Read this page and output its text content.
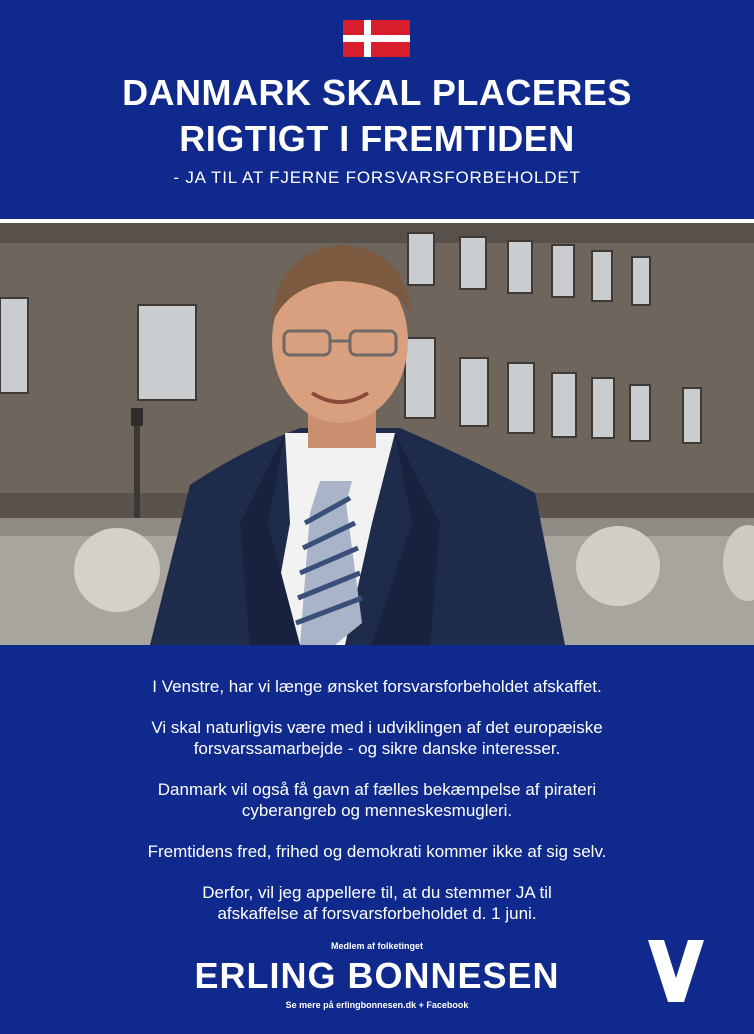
DANMARK SKAL PLACERES
RIGTIGT I FREMTIDEN
- JA TIL AT FJERNE FORSVARSFORBEHOLDET
I Venstre, har vi længe ønsket forsvarsforbeholdet afskaffet.
Vi skal naturligvis være med i udviklingen af det europæiske
forsvarssamarbejde - og sikre danske interesser.
Danmark vil også få gavn af fælles bekæmpelse af pirateri
cyberangreb og menneskesmugleri.
Fremtidens fred, frihed og demokrati kommer ikke af sig selv.
Derfor, vil jeg appellere til, at du stemmer JA til
afskaffelse af forsvarsforbeholdet d. 1 juni.
Medlem af folketinget
ERLING BONNESEN
Se mere på erlingbonnesen.dk + Facebook
